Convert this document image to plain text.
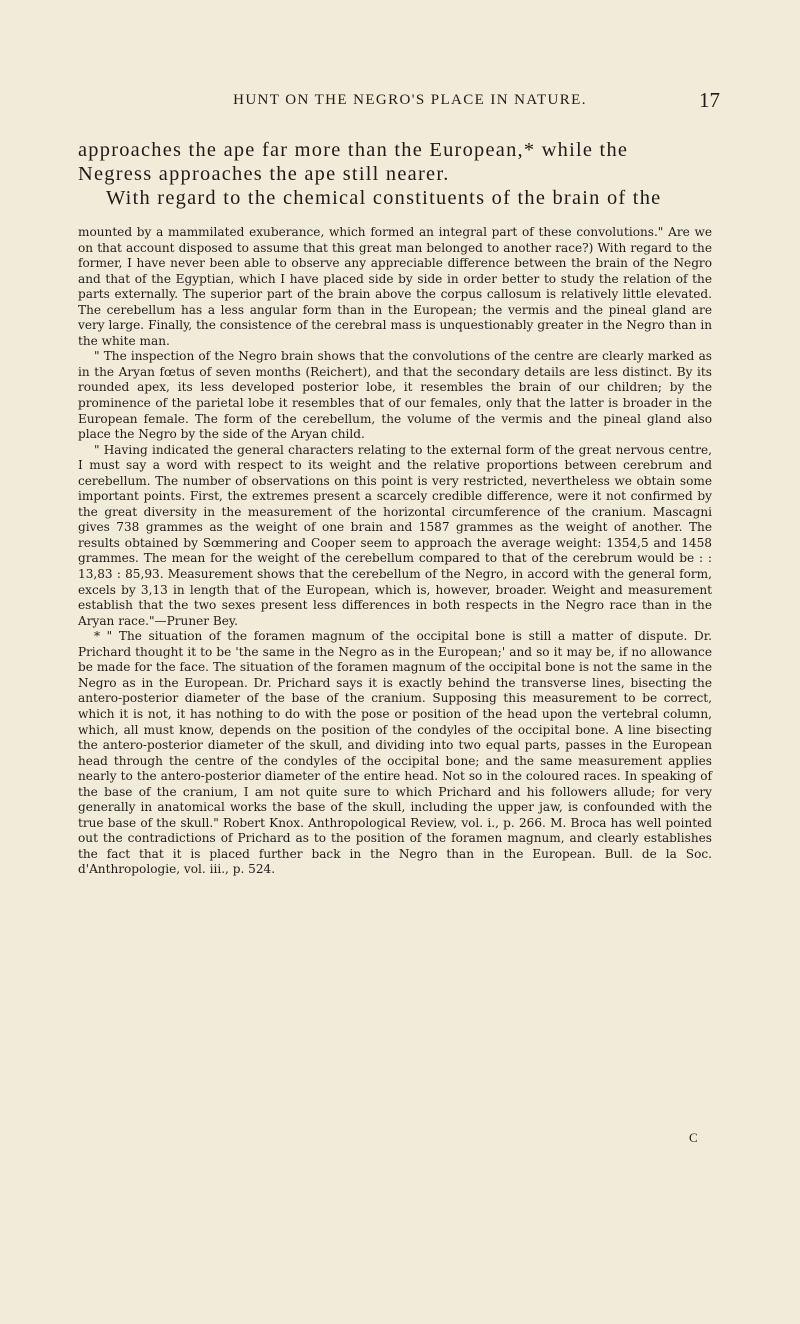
HUNT ON THE NEGRO'S PLACE IN NATURE.	17
approaches the ape far more than the European,* while the
Negress approaches the ape still nearer.
With regard to the chemical constituents of the brain of the

mounted by a mammilated exuberance, which formed an integral part of these convolutions." Are we on that account disposed to assume that this great man belonged to another race?) With regard to the former, I have never been able to observe any appreciable difference between the brain of the Negro and that of the Egyptian, which I have placed side by side in order better to study the relation of the parts externally. The superior part of the brain above the corpus callosum is relatively little elevated. The cerebellum has a less angular form than in the European; the vermis and the pineal gland are very large. Finally, the consistence of the cerebral mass is unquestionably greater in the Negro than in the white man.

" The inspection of the Negro brain shows that the convolutions of the centre are clearly marked as in the Aryan fœtus of seven months (Reichert), and that the secondary details are less distinct. By its rounded apex, its less developed posterior lobe, it resembles the brain of our children; by the prominence of the parietal lobe it resembles that of our females, only that the latter is broader in the European female. The form of the cerebellum, the volume of the vermis and the pineal gland also place the Negro by the side of the Aryan child.

" Having indicated the general characters relating to the external form of the great nervous centre, I must say a word with respect to its weight and the relative proportions between cerebrum and cerebellum. The number of observations on this point is very restricted, nevertheless we obtain some important points. First, the extremes present a scarcely credible difference, were it not confirmed by the great diversity in the measurement of the horizontal circumference of the cranium. Mascagni gives 738 grammes as the weight of one brain and 1587 grammes as the weight of another. The results obtained by Sœmmering and Cooper seem to approach the average weight: 1354,5 and 1458 grammes. The mean for the weight of the cerebellum compared to that of the cerebrum would be : : 13,83 : 85,93. Measurement shows that the cerebellum of the Negro, in accord with the general form, excels by 3,13 in length that of the European, which is, however, broader. Weight and measurement establish that the two sexes present less differences in both respects in the Negro race than in the Aryan race."—Pruner Bey.

* " The situation of the foramen magnum of the occipital bone is still a matter of dispute. Dr. Prichard thought it to be 'the same in the Negro as in the European;' and so it may be, if no allowance be made for the face. The situation of the foramen magnum of the occipital bone is not the same in the Negro as in the European. Dr. Prichard says it is exactly behind the transverse lines, bisecting the antero-posterior diameter of the base of the cranium. Supposing this measurement to be correct, which it is not, it has nothing to do with the pose or position of the head upon the vertebral column, which, all must know, depends on the position of the condyles of the occipital bone. A line bisecting the antero-posterior diameter of the skull, and dividing into two equal parts, passes in the European head through the centre of the condyles of the occipital bone; and the same measurement applies nearly to the antero-posterior diameter of the entire head. Not so in the coloured races. In speaking of the base of the cranium, I am not quite sure to which Prichard and his followers allude; for very generally in anatomical works the base of the skull, including the upper jaw, is confounded with the true base of the skull." Robert Knox. Anthropological Review, vol. i., p. 266. M. Broca has well pointed out the contradictions of Prichard as to the position of the foramen magnum, and clearly establishes the fact that it is placed further back in the Negro than in the European. Bull. de la Soc. d'Anthropologie, vol. iii., p. 524.

C
